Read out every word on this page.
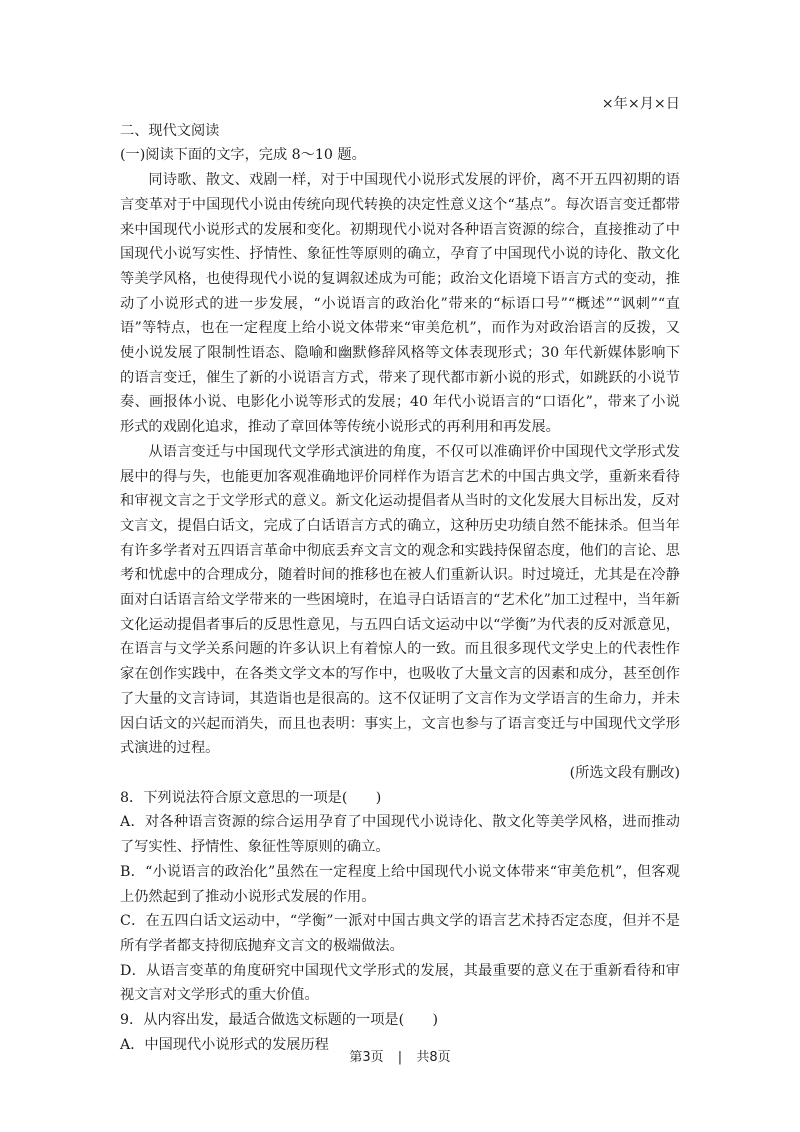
×年×月×日
二、现代文阅读
(一)阅读下面的文字，完成 8～10 题。
同诗歌、散文、戏剧一样，对于中国现代小说形式发展的评价，离不开五四初期的语言变革对于中国现代小说由传统向现代转换的决定性意义这个“基点”。每次语言变迁都带来中国现代小说形式的发展和变化。初期现代小说对各种语言资源的综合，直接推动了中国现代小说写实性、抒情性、象征性等原则的确立，孕育了中国现代小说的诗化、散文化等美学风格，也使得现代小说的复调叙述成为可能；政治文化语境下语言方式的变动，推动了小说形式的进一步发展，“小说语言的政治化”带来的“标语口号”“概述”“讽刺”“直语”等特点，也在一定程度上给小说文体带来“审美危机”，而作为对政治语言的反拨，又使小说发展了限制性语态、隐喻和幽默修辞风格等文体表现形式；30 年代新媒体影响下的语言变迁，催生了新的小说语言方式，带来了现代都市新小说的形式，如跳跃的小说节奏、画报体小说、电影化小说等形式的发展；40 年代小说语言的“口语化”，带来了小说形式的戏剧化追求，推动了章回体等传统小说形式的再利用和再发展。
从语言变迁与中国现代文学形式演进的角度，不仅可以准确评价中国现代文学形式发展中的得与失，也能更加客观准确地评价同样作为语言艺术的中国古典文学，重新来看待和审视文言之于文学形式的意义。新文化运动提倡者从当时的文化发展大目标出发，反对文言文，提倡白话文，完成了白话语言方式的确立，这种历史功绩自然不能抹杀。但当年有许多学者对五四语言革命中彻底丢弃文言文的观念和实践持保留态度，他们的言论、思考和忧虑中的合理成分，随着时间的推移也在被人们重新认识。时过境迁，尤其是在冷静面对白话语言给文学带来的一些困境时，在追寻白话语言的“艺术化”加工过程中，当年新文化运动提倡者事后的反思性意见，与五四白话文运动中以“学衡”为代表的反对派意见，在语言与文学关系问题的许多认识上有着惊人的一致。而且很多现代文学史上的代表性作家在创作实践中，在各类文学文本的写作中，也吸收了大量文言的因素和成分，甚至创作了大量的文言诗词，其造诣也是很高的。这不仅证明了文言作为文学语言的生命力，并未因白话文的兴起而消失，而且也表明：事实上，文言也参与了语言变迁与中国现代文学形式演进的过程。
(所选文段有删改)
8．下列说法符合原文意思的一项是(　　)
A．对各种语言资源的综合运用孕育了中国现代小说诗化、散文化等美学风格，进而推动了写实性、抒情性、象征性等原则的确立。
B．“小说语言的政治化”虽然在一定程度上给中国现代小说文体带来“审美危机”，但客观上仍然起到了推动小说形式发展的作用。
C．在五四白话文运动中，“学衡”一派对中国古典文学的语言艺术持否定态度，但并不是所有学者都支持彻底抛弃文言文的极端做法。
D．从语言变革的角度研究中国现代文学形式的发展，其最重要的意义在于重新看待和审视文言对文学形式的重大价值。
9．从内容出发，最适合做选文标题的一项是(　　)
A．中国现代小说形式的发展历程
第3页 | 共8页
